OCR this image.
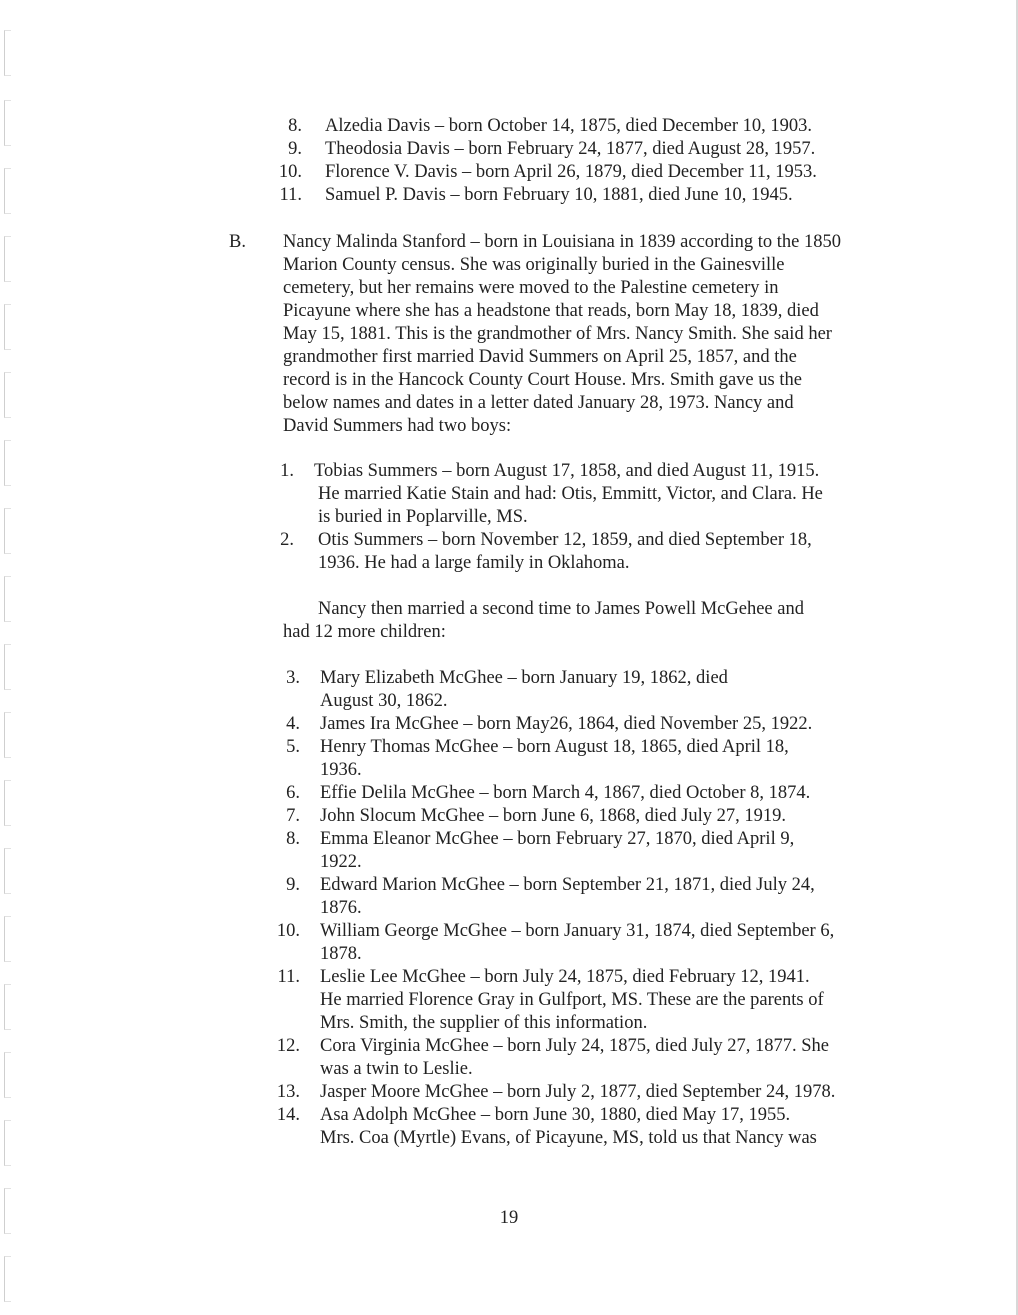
8. Alzedia Davis – born October 14, 1875, died December 10, 1903.
9. Theodosia Davis – born February 24, 1877, died August 28, 1957.
10. Florence V. Davis – born April 26, 1879, died December 11, 1953.
11. Samuel P. Davis – born February 10, 1881, died June 10, 1945.
B. Nancy Malinda Stanford – born in Louisiana in 1839 according to the 1850
Marion County census. She was originally buried in the Gainesville
cemetery, but her remains were moved to the Palestine cemetery in
Picayune where she has a headstone that reads, born May 18, 1839, died
May 15, 1881. This is the grandmother of Mrs. Nancy Smith. She said her
grandmother first married David Summers on April 25, 1857, and the
record is in the Hancock County Court House. Mrs. Smith gave us the
below names and dates in a letter dated January 28, 1973. Nancy and
David Summers had two boys:
1. Tobias Summers – born August 17, 1858, and died August 11, 1915.
He married Katie Stain and had: Otis, Emmitt, Victor, and Clara. He
is buried in Poplarville, MS.
2. Otis Summers – born November 12, 1859, and died September 18,
1936. He had a large family in Oklahoma.
Nancy then married a second time to James Powell McGehee and
had 12 more children:
3. Mary Elizabeth McGhee – born January 19, 1862, died
August 30, 1862.
4. James Ira McGhee – born May26, 1864, died November 25, 1922.
5. Henry Thomas McGhee – born August 18, 1865, died April 18,
1936.
6. Effie Delila McGhee – born March 4, 1867, died October 8, 1874.
7. John Slocum McGhee – born June 6, 1868, died July 27, 1919.
8. Emma Eleanor McGhee – born February 27, 1870, died April 9,
1922.
9. Edward Marion McGhee – born September 21, 1871, died July 24,
1876.
10. William George McGhee – born January 31, 1874, died September 6,
1878.
11. Leslie Lee McGhee – born July 24, 1875, died February 12, 1941.
He married Florence Gray in Gulfport, MS. These are the parents of
Mrs. Smith, the supplier of this information.
12. Cora Virginia McGhee – born July 24, 1875, died July 27, 1877. She
was a twin to Leslie.
13. Jasper Moore McGhee – born July 2, 1877, died September 24, 1978.
14. Asa Adolph McGhee – born June 30, 1880, died May 17, 1955.
Mrs. Coa (Myrtle) Evans, of Picayune, MS, told us that Nancy was
19
